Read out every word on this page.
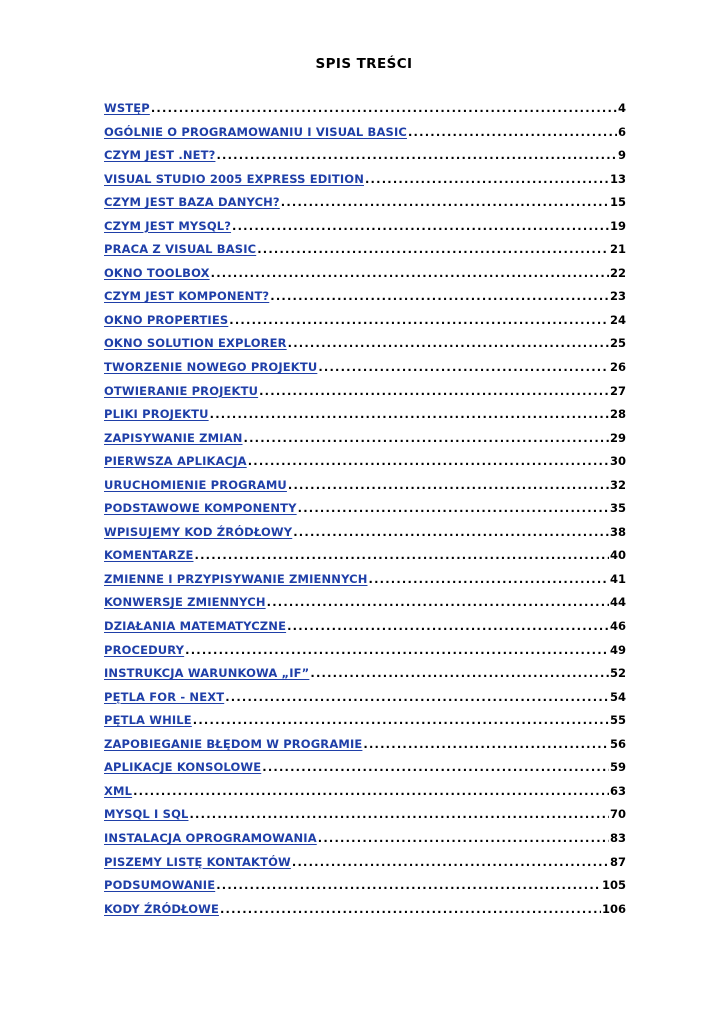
SPIS TREŚCI
WSTĘP .....	4
OGÓLNIE O PROGRAMOWANIU I VISUAL BASIC .....	6
CZYM JEST .NET? .....	9
VISUAL STUDIO 2005 EXPRESS EDITION .....	13
CZYM JEST BAZA DANYCH? .....	15
CZYM JEST MYSQL? .....	19
PRACA Z VISUAL BASIC .....	21
OKNO TOOLBOX .....	22
CZYM JEST KOMPONENT? .....	23
OKNO PROPERTIES .....	24
OKNO SOLUTION EXPLORER .....	25
TWORZENIE NOWEGO PROJEKTU .....	26
OTWIERANIE PROJEKTU .....	27
PLIKI PROJEKTU .....	28
ZAPISYWANIE ZMIAN .....	29
PIERWSZA APLIKACJA .....	30
URUCHOMIENIE PROGRAMU .....	32
PODSTAWOWE KOMPONENTY .....	35
WPISUJEMY KOD ŹRÓDŁOWY .....	38
KOMENTARZE .....	40
ZMIENNE I PRZYPISYWANIE ZMIENNYCH .....	41
KONWERSJE ZMIENNYCH .....	44
DZIAŁANIA MATEMATYCZNE .....	46
PROCEDURY .....	49
INSTRUKCJA WARUNKOWA „IF” .....	52
PĘTLA FOR - NEXT .....	54
PĘTLA WHILE .....	55
ZAPOBIEGANIE BŁĘDOM W PROGRAMIE .....	56
APLIKACJE KONSOLOWE .....	59
XML .....	63
MYSQL I SQL .....	70
INSTALACJA OPROGRAMOWANIA .....	83
PISZEMY LISTĘ KONTAKTÓW .....	87
PODSUMOWANIE .....	105
KODY ŹRÓDŁOWE .....	106
